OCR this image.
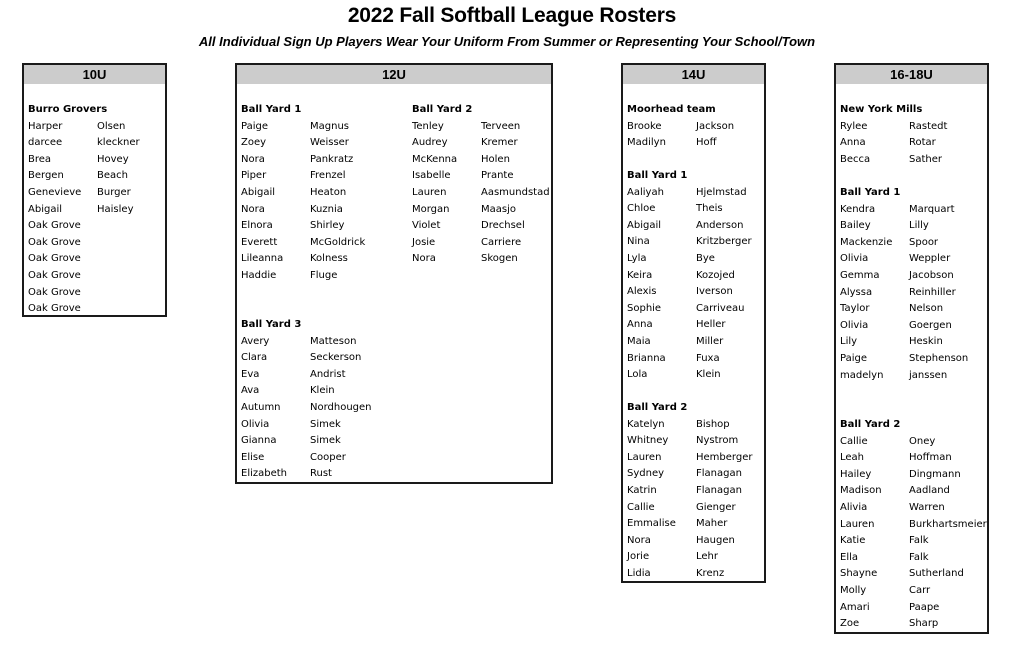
2022 Fall Softball League Rosters
All Individual Sign Up Players Wear Your Uniform From Summer or Representing Your School/Town
10U
Burro Grovers
Harper	Olsen
darcee	kleckner
Brea	Hovey
Bergen	Beach
Genevieve Burger
Abigail	Haisley
Oak Grove
Oak Grove
Oak Grove
Oak Grove
Oak Grove
Oak Grove
12U
Ball Yard 1
Paige	Magnus
Zoey	Weisser
Nora	Pankratz
Piper	Frenzel
Abigail	Heaton
Nora	Kuznia
Elnora	Shirley
Everett	McGoldrick
Lileanna	Kolness
Haddie	Fluge
Ball Yard 2
Tenley	Terveen
Audrey	Kremer
McKenna Holen
Isabelle	Prante
Lauren	Aasmundstad
Morgan	Maasjo
Violet	Drechsel
Josie	Carriere
Nora	Skogen
Ball Yard 3
Avery	Matteson
Clara	Seckerson
Eva	Andrist
Ava	Klein
Autumn	Nordhougen
Olivia	Simek
Gianna	Simek
Elise	Cooper
Elizabeth Rust
14U
Moorhead team
Brooke	Jackson
Madilyn	Hoff
Ball Yard 1
Aaliyah	Hjelmstad
Chloe	Theis
Abigail	Anderson
Nina	Kritzberger
Lyla	Bye
Keira	Kozojed
Alexis	Iverson
Sophie	Carriveau
Anna	Heller
Maia	Miller
Brianna	Fuxa
Lola	Klein
Ball Yard 2
Katelyn	Bishop
Whitney	Nystrom
Lauren	Hemberger
Sydney	Flanagan
Katrin	Flanagan
Callie	Gienger
Emmalise Maher
Nora	Haugen
Jorie	Lehr
Lidia	Krenz
16-18U
New York Mills
Rylee	Rastedt
Anna	Rotar
Becca	Sather
Ball Yard 1
Kendra	Marquart
Bailey	Lilly
Mackenzie Spoor
Olivia	Weppler
Gemma	Jacobson
Alyssa	Reinhiller
Taylor	Nelson
Olivia	Goergen
Lily	Heskin
Paige	Stephenson
madelyn	janssen
Ball Yard 2
Callie	Oney
Leah	Hoffman
Hailey	Dingmann
Madison	Aadland
Alivia	Warren
Lauren	Burkhartsmeier
Katie	Falk
Ella	Falk
Shayne	Sutherland
Molly	Carr
Amari	Paape
Zoe	Sharp
